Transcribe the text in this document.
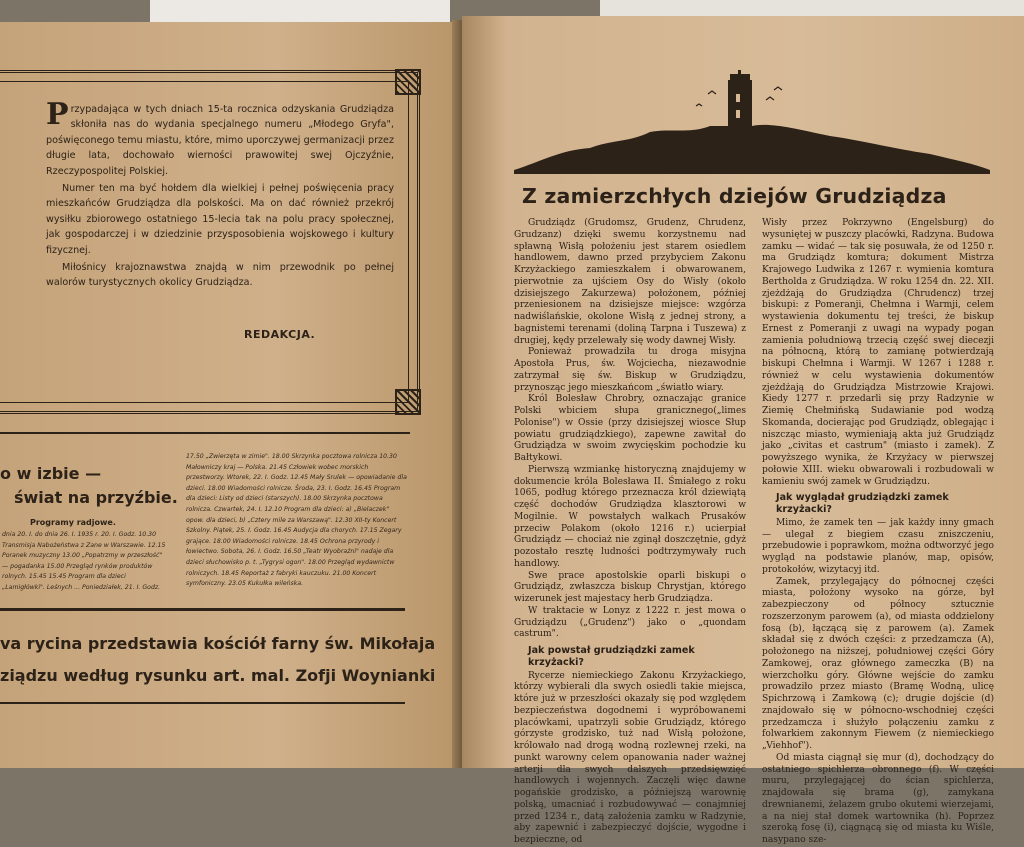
P rzypadająca w tych dniach 15-ta rocznica odzyskania Grudziądza skłoniła nas do wydania specjalnego numeru „Młodego Gryfa", poświęconego temu miastu, które, mimo uporczywej germanizacji przez długie lata, dochowało wierności prawowitej swej Ojczyźnie, Rzeczypospolitej Polskiej.

Numer ten ma być hołdem dla wielkiej i pełnej poświęcenia pracy mieszkańców Grudziądza dla polskości. Ma on dać również przekrój wysiłku zbiorowego ostatniego 15-lecia tak na polu pracy społecznej, jak gospodarczej i w dziedzinie przysposobienia wojskowego i kultury fizycznej.

Miłośnicy krajoznawstwa znajdą w nim przewodnik po pełnej walorów turystycznych okolicy Grudziądza.

REDAKCJA.
o w izbie —
świat na przyźbie.
Programy radjowe.
dnia 20. I. do dnia 26. I. 1935 r. 20. I. Godz. 10.30 Transmisja Nabożeństwa z Zane w Warszawie. 12.15 Poranek muzyczny 13.00 „Popatrzmy w przeszłość" — pogadanka 15.00 Przegląd rynków produktów rolnych. 15.45 15.45 Program dla dzieci „Lamigłówki". Leśnych ... Poniedziałek, 21. I. Godz.
17.50 „Zwierzęta w zimie". 18.00 Skrzynka pocztowa rolnicza 10.30 Małowniczy kraj — Polska. 21.45 Człowiek wobec morskich przestworzy. Wtorek, 22. I. Godz. 12.45 Mały Srulek — opowiadanie dla dzieci. 18.00 Wiadomości rolnicze. Środa, 23. I. Godz. 16.45 Program dla dzieci: Listy od dzieci (starszych). 18.00 Skrzynka pocztowa rolnicza. Czwartek, 24. I. 12.10 Program dla dzieci: a) „Bielaczek" opow. dla dzieci, b) „Cztery mile za Warszawą". 12.30 XII-ty Koncert Szkolny. Piątek, 25. I. Godz. 16.45 Audycja dla chorych. 17.15 Zegary grające. 18.00 Wiadomości rolnicze. 18.45 Ochrona przyrody i łowiectwo. Sobota, 26. I. Godz. 16.50 „Teatr Wyobraźni" nadaje dla dzieci słuchowisko p. t. „Tygrysi ogon". 18.00 Przegląd wydawnictw rolniczych. 18.45 Reportaż z fabryki kauczuku. 21.00 Koncert symfoniczny. 23.05 Kukułka wileńska.
va rycina przedstawia kościół farny św. Mikołaja
ziądzu według rysunku art. mal. Zofji Woynianki
Z zamierzchłych dziejów Grudziądza

Grudziądz (Grudomsz, Grudenz, Chrudenz, Grudzanz) dzięki swemu korzystnemu nad spławną Wisłą położeniu jest starem osiedlem handlowem, dawno przed przybyciem Zakonu Krzyżackiego zamieszkałem i obwarowanem, pierwotnie za ujściem Osy do Wisły (około dzisiejszego Zakurzewa) położonem, później przeniesionem na dzisiejsze miejsce: wzgórza nadwiślańskie, okolone Wisłą z jednej strony, a bagnistemi terenami (doliną Tarpna i Tuszewa) z drugiej, kędy przelewały się wody dawnej Wisły.

Ponieważ prowadziła tu droga misyjna Apostoła Prus, św. Wojciecha, niezawodnie zatrzymał się św. Biskup w Grudziądzu, przynosząc jego mieszkańcom „światło wiary.

Król Bolesław Chrobry, oznaczając granice Polski wbiciem słupa granicznego(„limes Polonise") w Ossie (przy dzisiejszej wiosce Słup powiatu grudziądzkiego), zapewne zawitał do Grudziądza w swoim zwycięskim pochodzie ku Bałtykowi.

Pierwszą wzmiankę historyczną znajdujemy w dokumencie króla Bolesława II. Śmiałego z roku 1065, podług którego przeznacza król dziewiątą część dochodów Grudziądza klasztorowi w Mogilnie. W powstałych walkach Prusaków przeciw Polakom (około 1216 r.) ucierpiał Grudziądz — chociaż nie zginął doszczętnie, gdyż pozostało resztę ludności podtrzymywały ruch handlowy.

Swe prace apostolskie oparli biskupi o Grudziądz, zwłaszcza biskup Chrystjan, którego wizerunek jest majestacy herb Grudziądza.

W traktacie w Lonyz z 1222 r. jest mowa o Grudziądzu („Grudenz") jako o „quondam castrum".

Jak powstał grudziądzki zamek krzyżacki?

Rycerze niemieckiego Zakonu Krzyżackiego, którzy wybierali dla swych osiedli takie miejsca, które już w przeszłości okazały się pod względem bezpieczeństwa dogodnemi i wypróbowanemi placówkami, upatrzyli sobie Grudziądz, którego górzyste grodzisko, tuż nad Wisłą położone, królowało nad drogą wodną rozlewnej rzeki, na punkt warowny celem opanowania nader ważnej arterji dla swych dalszych przedsięwzięć handlowych i wojennych. Zaczęli więc dawne pogańskie grodzisko, a późniejszą warownię polską, umacniać i rozbudowywać — conajmniej przed 1234 r., datą założenia zamku w Radzynie, aby zapewnić i zabezpieczyć dojście, wygodne i bezpieczne, od

Wisły przez Pokrzywno (Engelsburg) do wysuniętej w puszczy placówki, Radzyna. Budowa zamku — widać — tak się posuwała, że od 1250 r. ma Grudziądz komtura; dokument Mistrza Krajowego Ludwika z 1267 r. wymienia komtura Bertholda z Grudziądza. W roku 1254 dn. 22. XII. zjeżdżają do Grudziądza (Chrudencz) trzej biskupi: z Pomeranji, Chełmna i Warmji, celem wystawienia dokumentu tej treści, że biskup Ernest z Pomeranji z uwagi na wypady pogan zamienia południową trzecią część swej diecezji na północną, którą to zamianę potwierdzają biskupi Chełmna i Warmji. W 1267 i 1288 r. również w celu wystawienia dokumentów zjeżdżają do Grudziądza Mistrzowie Krajowi. Kiedy 1277 r. przedarli się przy Radzynie w Ziemię Chełmińską Sudawianie pod wodzą Skomanda, docierając pod Grudziądz, oblegając i niszcząc miasto, wymieniają akta już Grudziądz jako „civitas et castrum" (miasto i zamek). Z powyższego wynika, że Krzyżacy w pierwszej połowie XIII. wieku obwarowali i rozbudowali w kamieniu swój zamek w Grudziądzu.

Jak wyglądał grudziądzki zamek krzyżacki?

Mimo, że zamek ten — jak każdy inny gmach — ulegał z biegiem czasu zniszczeniu, przebudowie i poprawkom, można odtworzyć jego wygląd na podstawie planów, map, opisów, protokołów, wizytacyj itd.

Zamek, przylegający do północnej części miasta, położony wysoko na górze, był zabezpieczony od północy sztucznie rozszerzonym parowem (a), od miasta oddzielony fosą (b), łączącą się z parowem (a). Zamek składał się z dwóch części: z przedzamcza (A), położonego na niższej, południowej części Góry Zamkowej, oraz głównego zameczka (B) na wierzchołku góry. Główne wejście do zamku prowadziło przez miasto (Bramę Wodną, ulicę Spichrzową i Zamkową (c); drugie dojście (d) znajdowało się w północno-wschodniej części przedzamcza i służyło połączeniu zamku z folwarkiem zakonnym Fiewem (z niemieckiego „Viehhof").

Od miasta ciągnął się mur (d), dochodzący do ostatniego spichlerza obronnego (f). W części muru, przylegającej do ścian spichlerza, znajdowała się brama (g), zamykana drewnianemi, żelazem grubo okutemi wierzejami, a na niej stał domek wartownika (h). Poprzez szeroką fosę (i), ciągnącą się od miasta ku Wiśle, nasypano sze-
